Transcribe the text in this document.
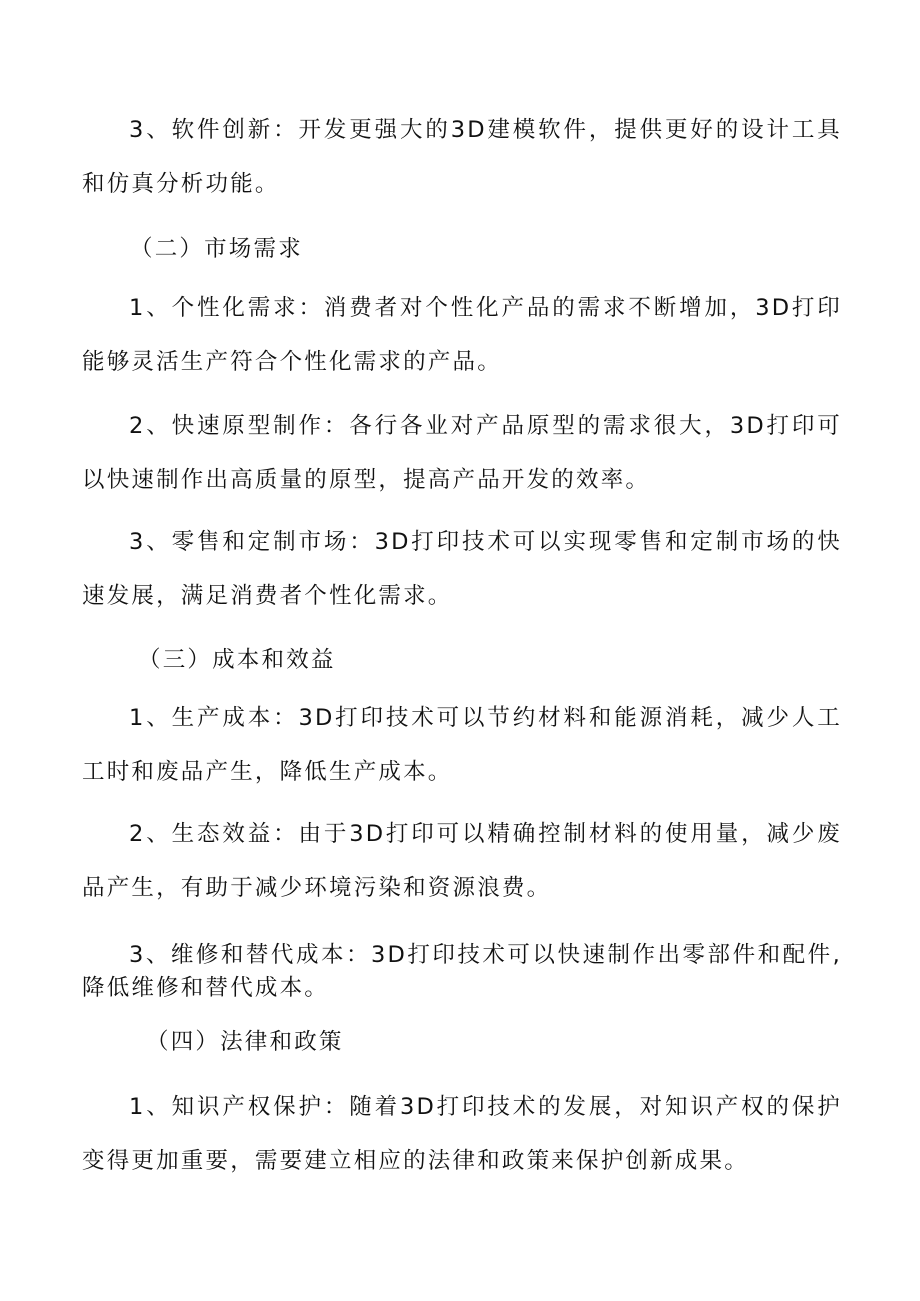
3、软件创新：开发更强大的3D建模软件，提供更好的设计工具和仿真分析功能。

（二）市场需求

1、个性化需求：消费者对个性化产品的需求不断增加，3D打印能够灵活生产符合个性化需求的产品。

2、快速原型制作：各行各业对产品原型的需求很大，3D打印可以快速制作出高质量的原型，提高产品开发的效率。

3、零售和定制市场：3D打印技术可以实现零售和定制市场的快速发展，满足消费者个性化需求。

（三）成本和效益

1、生产成本：3D打印技术可以节约材料和能源消耗，减少人工工时和废品产生，降低生产成本。

2、生态效益：由于3D打印可以精确控制材料的使用量，减少废品产生，有助于减少环境污染和资源浪费。

3、维修和替代成本：3D打印技术可以快速制作出零部件和配件,降低维修和替代成本。

（四）法律和政策

1、知识产权保护：随着3D打印技术的发展，对知识产权的保护变得更加重要，需要建立相应的法律和政策来保护创新成果。
